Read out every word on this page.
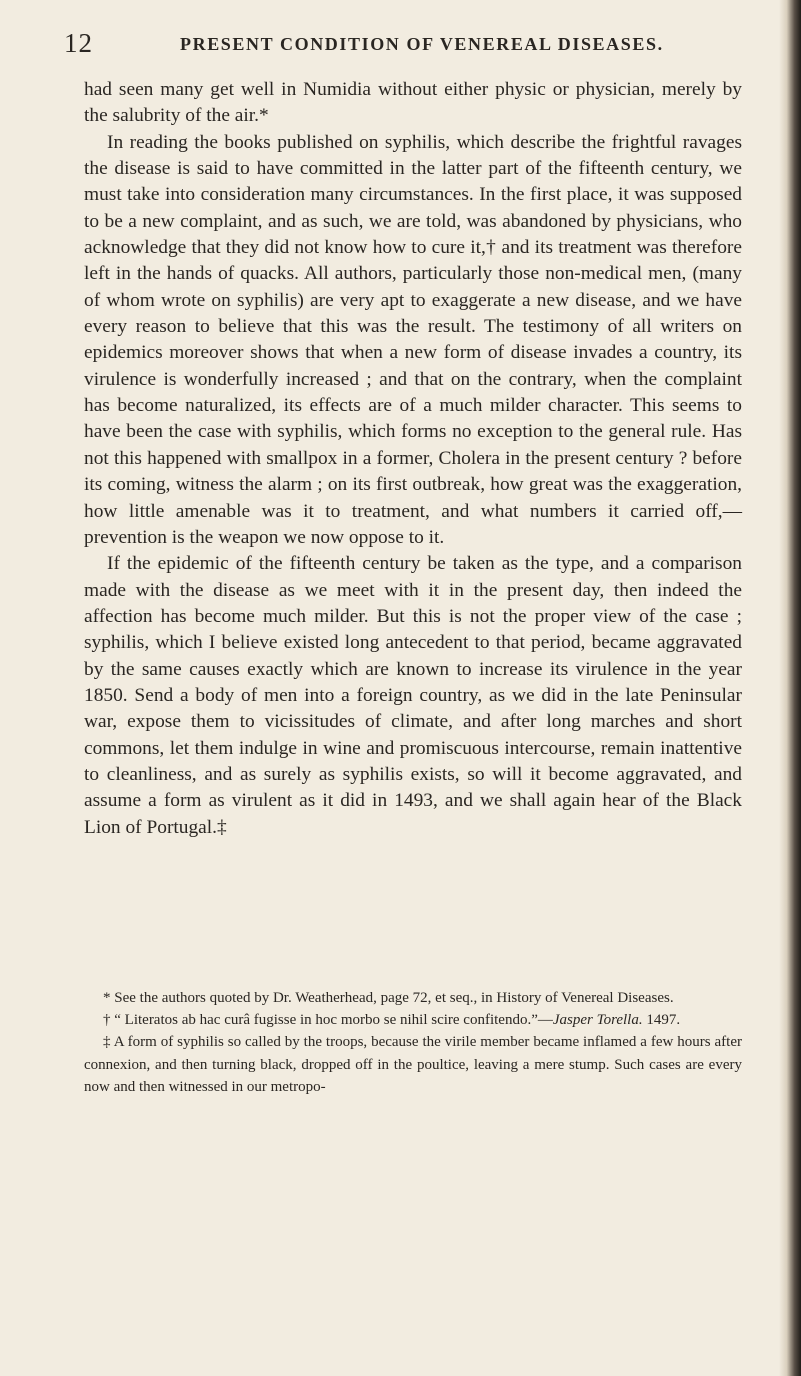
12	PRESENT CONDITION OF VENEREAL DISEASES.

had seen many get well in Numidia without either physic or physician, merely by the salubrity of the air.*

In reading the books published on syphilis, which describe the frightful ravages the disease is said to have committed in the latter part of the fifteenth century, we must take into consideration many circumstances. In the first place, it was supposed to be a new complaint, and as such, we are told, was abandoned by physicians, who acknowledge that they did not know how to cure it,† and its treatment was therefore left in the hands of quacks. All authors, particularly those non-medical men, (many of whom wrote on syphilis) are very apt to exaggerate a new disease, and we have every reason to believe that this was the result. The testimony of all writers on epidemics moreover shows that when a new form of disease invades a country, its virulence is wonderfully increased ; and that on the contrary, when the complaint has become naturalized, its effects are of a much milder character. This seems to have been the case with syphilis, which forms no exception to the general rule. Has not this happened with smallpox in a former, Cholera in the present century ? before its coming, witness the alarm ; on its first outbreak, how great was the exaggeration, how little amenable was it to treatment, and what numbers it carried off,—prevention is the weapon we now oppose to it.

If the epidemic of the fifteenth century be taken as the type, and a comparison made with the disease as we meet with it in the present day, then indeed the affection has become much milder. But this is not the proper view of the case ; syphilis, which I believe existed long antecedent to that period, became aggravated by the same causes exactly which are known to increase its virulence in the year 1850. Send a body of men into a foreign country, as we did in the late Peninsular war, expose them to vicissitudes of climate, and after long marches and short commons, let them indulge in wine and promiscuous intercourse, remain inattentive to cleanliness, and as surely as syphilis exists, so will it become aggravated, and assume a form as virulent as it did in 1493, and we shall again hear of the Black Lion of Portugal.‡

* See the authors quoted by Dr. Weatherhead, page 72, et seq., in History of Venereal Diseases.

† “ Literatos ab hac curâ fugisse in hoc morbo se nihil scire confitendo.”—Jasper Torella. 1497.

‡ A form of syphilis so called by the troops, because the virile member became inflamed a few hours after connexion, and then turning black, dropped off in the poultice, leaving a mere stump. Such cases are every now and then witnessed in our metropo-
